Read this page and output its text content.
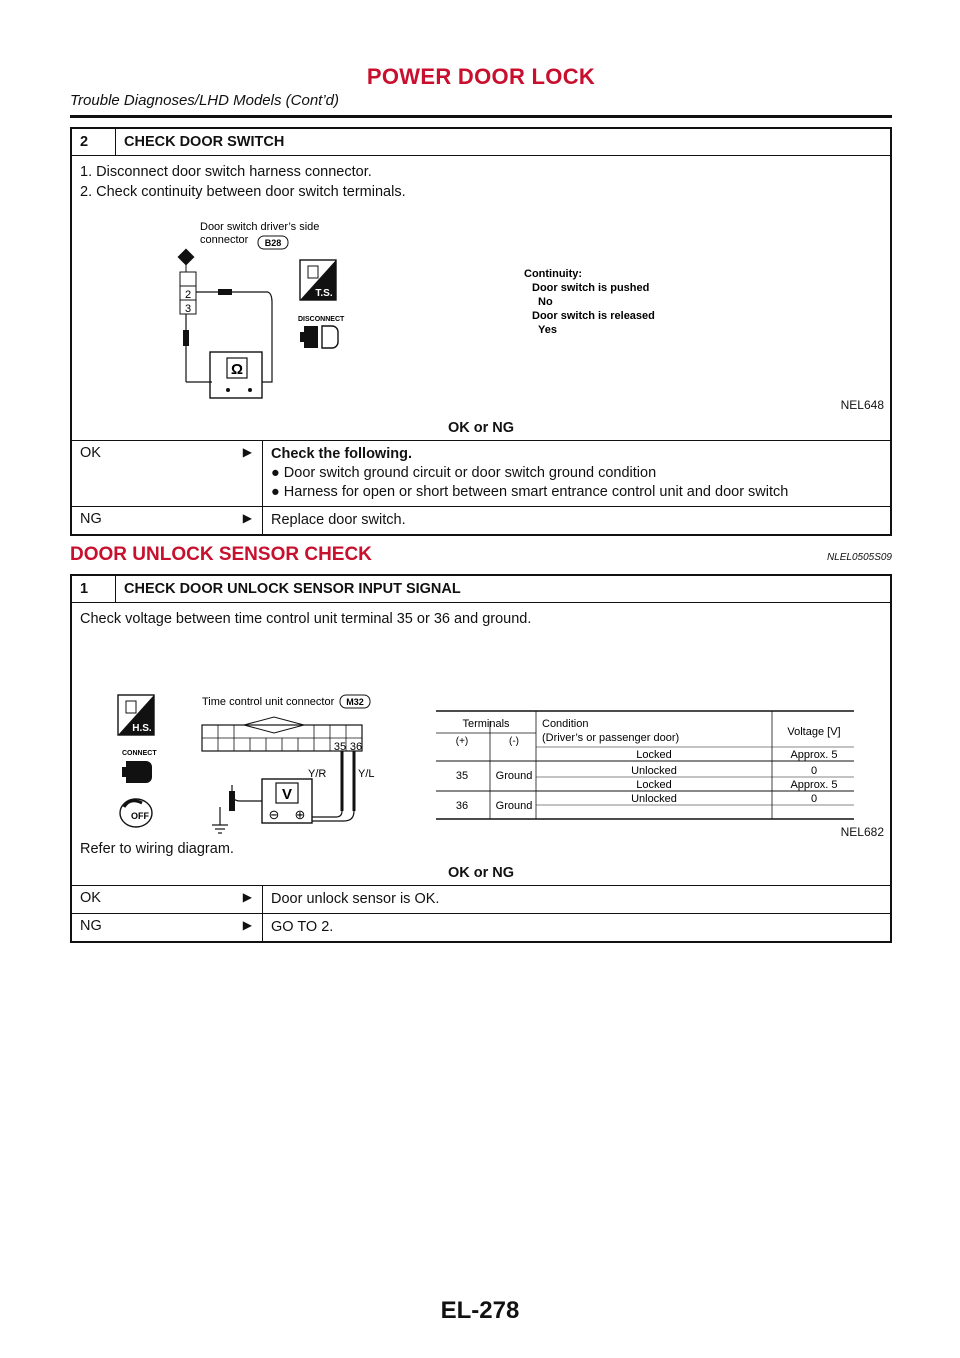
POWER DOOR LOCK
Trouble Diagnoses/LHD Models (Cont’d)
2	CHECK DOOR SWITCH
1. Disconnect door switch harness connector.
2. Check continuity between door switch terminals.
Door switch driver’s side
connector B28
2
3
Ω
T.S.
DISCONNECT
Continuity:
Door switch is pushed
No
Door switch is released
Yes
NEL648
OK or NG
OK	▶ Check the following.
● Door switch ground circuit or door switch ground condition
● Harness for open or short between smart entrance control unit and door switch
NG	▶	Replace door switch.
DOOR UNLOCK SENSOR CHECK	NLEL0505S09
1	CHECK DOOR UNLOCK SENSOR INPUT SIGNAL
Check voltage between time control unit terminal 35 or 36 and ground.
H.S.
CONNECT
OFF
Time control unit connector M32
35 36
Y/R	Y/L
V
⊖ ⊕
Terminals
(+)	(-)
Condition
(Driver’s or passenger door)	Voltage [V]
35	Ground
Locked	Approx. 5
Unlocked	0
36	Ground
Locked	Approx. 5
Unlocked	0
NEL682
Refer to wiring diagram.
OK or NG
OK	▶	Door unlock sensor is OK.
NG	▶	GO TO 2.
EL-278
